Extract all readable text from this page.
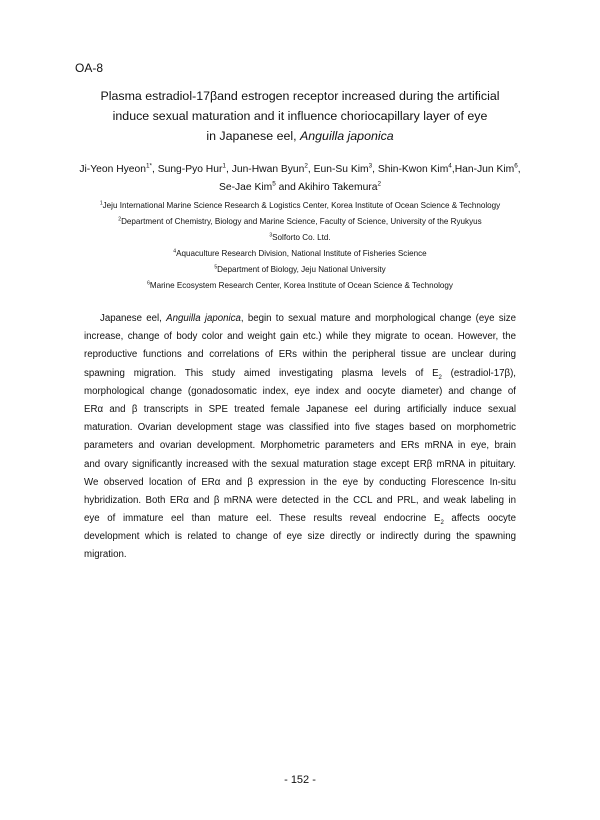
OA-8
Plasma estradiol-17βand estrogen receptor increased during the artificial
induce sexual maturation and it influence choriocapillary layer of eye
in Japanese eel, Anguilla japonica
Ji-Yeon Hyeon$^{1*}$, Sung-Pyo Hur$^1$, Jun-Hwan Byun$^2$, Eun-Su Kim$^3$, Shin-Kwon Kim$^4$,Han-Jun Kim$^6$, Se-Jae Kim$^5$ and Akihiro Takemura$^2$
$^1$Jeju International Marine Science Research & Logistics Center, Korea Institute of Ocean Science & Technology
$^2$Department of Chemistry, Biology and Marine Science, Faculty of Science, University of the Ryukyus
$^3$Solforto Co. Ltd.
$^4$Aquaculture Research Division, National Institute of Fisheries Science
$^5$Department of Biology, Jeju National University
$^6$Marine Ecosystem Research Center, Korea Institute of Ocean Science & Technology
Japanese eel, Anguilla japonica, begin to sexual mature and morphological change (eye size
increase, change of body color and weight gain etc.) while they migrate to ocean. However, the
reproductive functions and correlations of ERs within the peripheral tissue are unclear during
spawning migration. This study aimed investigating plasma levels of $E_2$ (estradiol-17β),
morphological change (gonadosomatic index, eye index and oocyte diameter) and change of
ERα and β transcripts in SPE treated female Japanese eel during artificially induce sexual
maturation. Ovarian development stage was classified into five stages based on morphometric
parameters and ovarian development. Morphometric parameters and ERs mRNA in eye, brain
and ovary significantly increased with the sexual maturation stage except ERβ mRNA in pituitary.
We observed location of ERα and β expression in the eye by conducting Florescence In-situ
hybridization. Both ERα and β mRNA were detected in the CCL and PRL, and weak labeling in
eye of immature eel than mature eel. These results reveal endocrine $E_2$ affects oocyte
development which is related to change of eye size directly or indirectly during the spawning
migration.
- 152 -
